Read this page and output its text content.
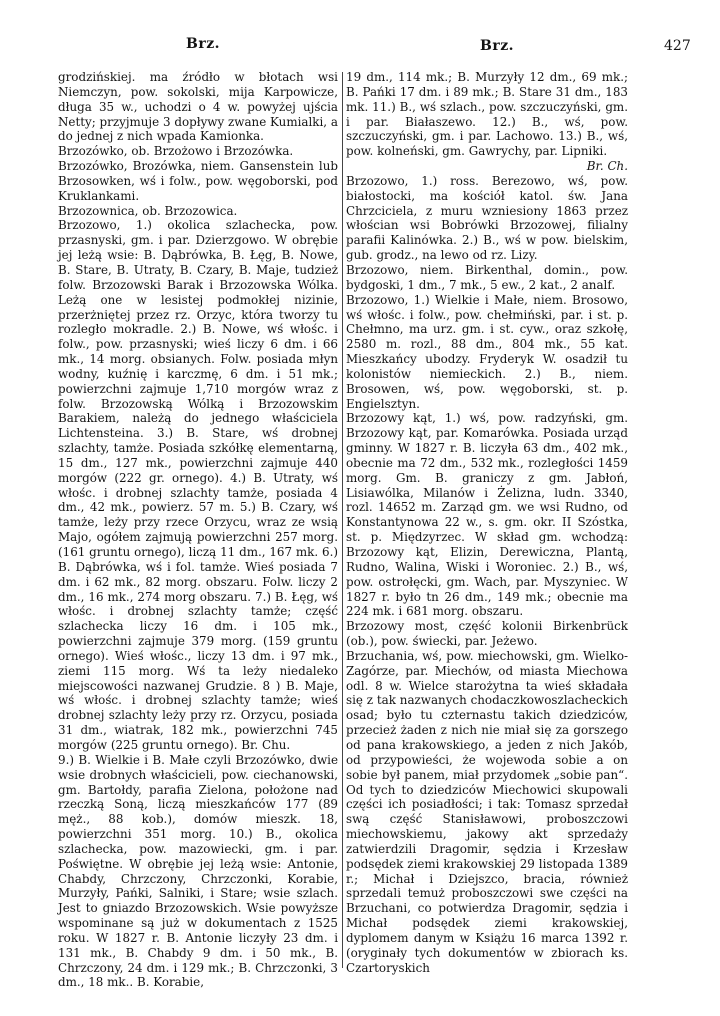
Brz.	Brz.	427

grodzińskiej. ma źródło w błotach wsi Niemczyn, pow. sokolski, mija Karpowicze, długa 35 w., uchodzi o 4 w. powyżej ujścia Netty; przyjmuje 3 dopływy zwane Kumialki, a do jednej z nich wpada Kamionka.

Brzozówko, ob. Brzożowo i Brzozówka.

Brzozówko, Brozówka, niem. Gansenstein lub Brzosowken, wś i folw., pow. węgoborski, pod Kruklankami.

Brzozownica, ob. Brzozowica.

Brzozowo, 1.) okolica szlachecka, pow. przasnyski, gm. i par. Dzierzgowo. W obrębie jej leżą wsie: B. Dąbrówka, B. Łęg, B. Nowe, B. Stare, B. Utraty, B. Czary, B. Maje, tudzież folw. Brzozowski Barak i Brzozowska Wólka. Leżą one w lesistej podmokłej nizinie, przerżniętej przez rz. Orzyc, która tworzy tu rozległo mokradle. 2.) B. Nowe, wś włośc. i folw., pow. przasnyski; wieś liczy 6 dm. i 66 mk., 14 morg. obsianych. Folw. posiada młyn wodny, kuźnię i karczmę, 6 dm. i 51 mk.; powierzchni zajmuje 1,710 morgów wraz z folw. Brzozowską Wólką i Brzozowskim Barakiem, należą do jednego właściciela Lichtensteina. 3.) B. Stare, wś drobnej szlachty, tamże. Posiada szkółkę elementarną, 15 dm., 127 mk., powierzchni zajmuje 440 morgów (222 gr. ornego). 4.) B. Utraty, wś włośc. i drobnej szlachty tamże, posiada 4 dm., 42 mk., powierz. 57 m. 5.) B. Czary, wś tamże, leży przy rzece Orzycu, wraz ze wsią Majo, ogółem zajmują powierzchni 257 morg. (161 gruntu ornego), liczą 11 dm., 167 mk. 6.) B. Dąbrówka, wś i fol. tamże. Wieś posiada 7 dm. i 62 mk., 82 morg. obszaru. Folw. liczy 2 dm., 16 mk., 274 morg obszaru. 7.) B. Łęg, wś włośc. i drobnej szlachty tamże; część szlachecka liczy 16 dm. i 105 mk., powierzchni zajmuje 379 morg. (159 gruntu ornego). Wieś włośc., liczy 13 dm. i 97 mk., ziemi 115 morg. Wś ta leży niedaleko miejscowości nazwanej Grudzie. 8 ) B. Maje, wś włośc. i drobnej szlachty tamże; wieś drobnej szlachty leży przy rz. Orzycu, posiada 31 dm., wiatrak, 182 mk., powierzchni 745 morgów (225 gruntu ornego). Br. Chu.

9.) B. Wielkie i B. Małe czyli Brzozówko, dwie wsie drobnych właścicieli, pow. ciechanowski, gm. Bartołdy, parafia Zielona, położone nad rzeczką Soną, liczą mieszkańców 177 (89 męż., 88 kob.), domów mieszk. 18, powierzchni 351 morg. 10.) B., okolica szlachecka, pow. mazowiecki, gm. i par. Poświętne. W obrębie jej leżą wsie: Antonie, Chabdy, Chrzczony, Chrzczonki, Korabie, Murzyły, Pańki, Salniki, i Stare; wsie szlach. Jest to gniazdo Brzozowskich. Wsie powyższe wspominane są już w dokumentach z 1525 roku. W 1827 r. B. Antonie liczyły 23 dm. i 131 mk., B. Chabdy 9 dm. i 50 mk., B. Chrzczony, 24 dm. i 129 mk.; B. Chrzczonki, 3 dm., 18 mk.. B. Korabie,

19 dm., 114 mk.; B. Murzyły 12 dm., 69 mk.; B. Pańki 17 dm. i 89 mk.; B. Stare 31 dm., 183 mk. 11.) B., wś szlach., pow. szczuczyński, gm. i par. Białaszewo. 12.) B., wś, pow. szczuczyński, gm. i par. Lachowo. 13.) B., wś, pow. kolneński, gm. Gawrychy, par. Lipniki.

Br. Ch.

Brzozowo, 1.) ross. Berezowo, wś, pow. białostocki, ma kościół katol. św. Jana Chrzciciela, z muru wzniesiony 1863 przez włościan wsi Bobrówki Brzozowej, filialny parafii Kalinówka. 2.) B., wś w pow. bielskim, gub. grodz., na lewo od rz. Lizy.

Brzozowo, niem. Birkenthal, domin., pow. bydgoski, 1 dm., 7 mk., 5 ew., 2 kat., 2 analf.

Brzozowo, 1.) Wielkie i Małe, niem. Brosowo, wś włośc. i folw., pow. chełmiński, par. i st. p. Chełmno, ma urz. gm. i st. cyw., oraz szkołę, 2580 m. rozl., 88 dm., 804 mk., 55 kat. Mieszkańcy ubodzy. Fryderyk W. osadził tu kolonistów niemieckich. 2.) B., niem. Brosowen, wś, pow. węgoborski, st. p. Engielsztyn.

Brzozowy kąt, 1.) wś, pow. radzyński, gm. Brzozowy kąt, par. Komarówka. Posiada urząd gminny. W 1827 r. B. liczyła 63 dm., 402 mk., obecnie ma 72 dm., 532 mk., rozległości 1459 morg. Gm. B. graniczy z gm. Jabłoń, Lisiawólka, Milanów i Żelizna, ludn. 3340, rozl. 14652 m. Zarząd gm. we wsi Rudno, od Konstantynowa 22 w., s. gm. okr. II Szóstka, st. p. Międzyrzec. W skład gm. wchodzą: Brzozowy kąt, Elizin, Derewiczna, Plantą, Rudno, Walina, Wiski i Woroniec. 2.) B., wś, pow. ostrołęcki, gm. Wach, par. Myszyniec. W 1827 r. było tn 26 dm., 149 mk.; obecnie ma 224 mk. i 681 morg. obszaru.

Brzozowy most, część kolonii Birkenbrück (ob.), pow. świecki, par. Jeżewo.

Brzuchania, wś, pow. miechowski, gm. Wielko-Zagórze, par. Miechów, od miasta Miechowa odl. 8 w. Wielce starożytna ta wieś składała się z tak nazwanych chodaczkowoszlacheckich osad; było tu czternastu takich dziedziców, przecież żaden z nich nie miał się za gorszego od pana krakowskiego, a jeden z nich Jakób, od przypowieści, że wojewoda sobie a on sobie był panem, miał przydomek „sobie pan“. Od tych to dziedziców Miechowici skupowali części ich posiadłości; i tak: Tomasz sprzedał swą część Stanisławowi, proboszczowi miechowskiemu, jakowy akt sprzedaży zatwierdzili Dragomir, sędzia i Krzesław podsędek ziemi krakowskiej 29 listopada 1389 r.; Michał i Dziejszco, bracia, również sprzedali temuż proboszczowi swe części na Brzuchani, co potwierdza Dragomir, sędzia i Michał podsędek ziemi krakowskiej, dyplomem danym w Książu 16 marca 1392 r. (oryginały tych dokumentów w zbiorach ks. Czartoryskich
